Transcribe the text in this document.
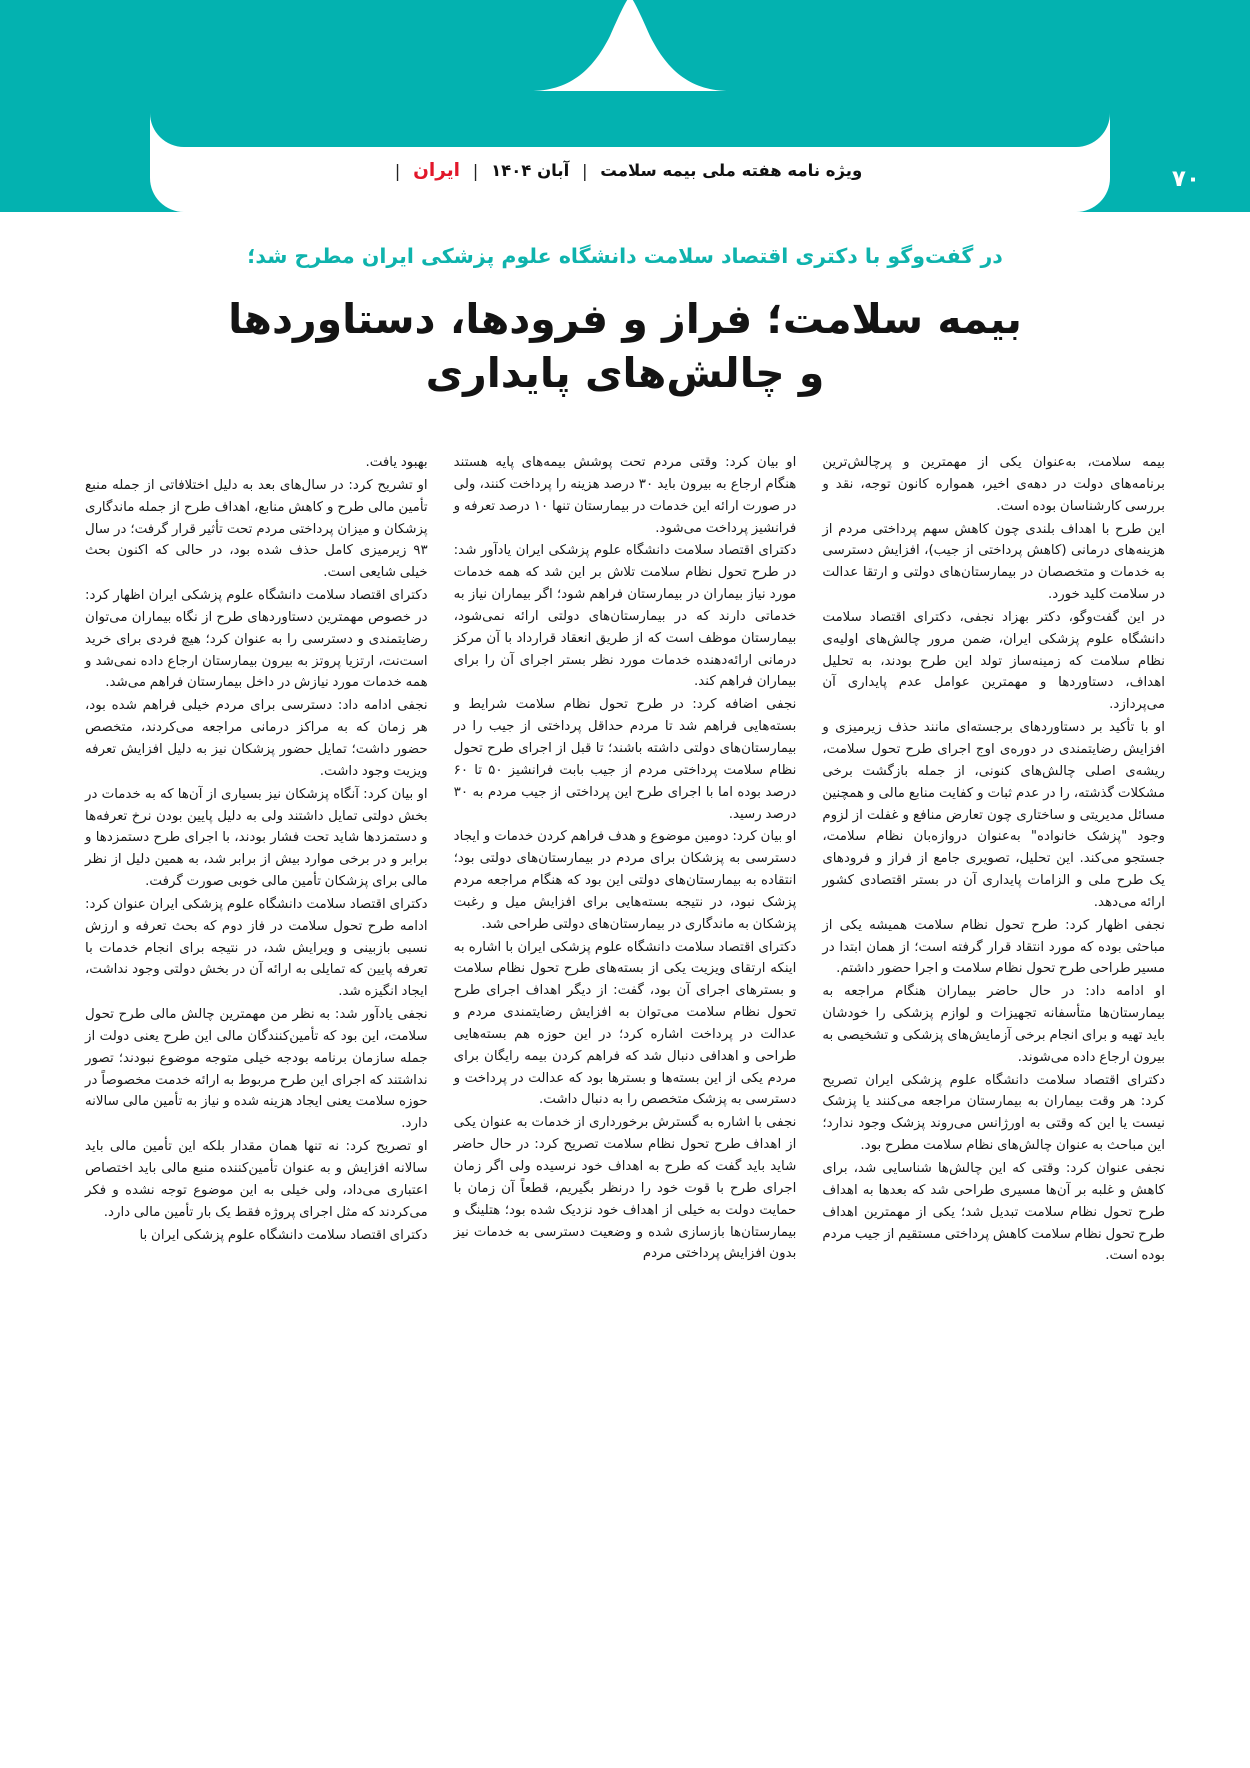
ویژه نامه هفته ملی بیمه سلامت | آبان ۱۴۰۴ | ایران |	۷۰
در گفت‌وگو با دکتری اقتصاد سلامت دانشگاه علوم پزشکی ایران مطرح شد؛
بیمه سلامت؛ فراز و فرودها، دستاوردها
و چالش‌های پایداری

بیمه سلامت، به‌عنوان یکی از مهمترین و پرچالش‌ترین برنامه‌های دولت در دهه‌ی اخیر، همواره کانون توجه، نقد و بررسی کارشناسان بوده است.

این طرح با اهداف بلندی چون کاهش سهم پرداختی مردم از هزینه‌های درمانی (کاهش پرداختی از جیب)، افزایش دسترسی به خدمات و متخصصان در بیمارستان‌های دولتی و ارتقا عدالت در سلامت کلید خورد.

در این گفت‌وگو، دکتر بهزاد نجفی، دکترای اقتصاد سلامت دانشگاه علوم پزشکی ایران، ضمن مرور چالش‌های اولیه‌ی نظام سلامت که زمینه‌ساز تولد این طرح بودند، به تحلیل اهداف، دستاوردها و مهمترین عوامل عدم پایداری آن می‌پردازد.

او با تأکید بر دستاوردهای برجسته‌ای مانند حذف زیرمیزی و افزایش رضایتمندی در دوره‌ی اوج اجرای طرح تحول سلامت، ریشه‌ی اصلی چالش‌های کنونی، از جمله بازگشت برخی مشکلات گذشته، را در عدم ثبات و کفایت منابع مالی و همچنین مسائل مدیریتی و ساختاری چون تعارض منافع و غفلت از لزوم وجود "پزشک خانواده" به‌عنوان دروازه‌بان نظام سلامت، جستجو می‌کند. این تحلیل، تصویری جامع از فراز و فرودهای یک طرح ملی و الزامات پایداری آن در بستر اقتصادی کشور ارائه می‌دهد.

نجفی اظهار کرد: طرح تحول نظام سلامت همیشه یکی از مباحثی بوده که مورد انتقاد قرار گرفته است؛ از همان ابتدا در مسیر طراحی طرح تحول نظام سلامت و اجرا حضور داشتم.

او ادامه داد: در حال حاضر بیماران هنگام مراجعه به بیمارستان‌ها متأسفانه تجهیزات و لوازم پزشکی را خودشان باید تهیه و برای انجام برخی آزمایش‌های پزشکی و تشخیصی به بیرون ارجاع داده می‌شوند.

دکترای اقتصاد سلامت دانشگاه علوم پزشکی ایران تصریح کرد: هر وقت بیماران به بیمارستان مراجعه می‌کنند یا پزشک نیست یا این که وقتی به اورژانس می‌روند پزشک وجود ندارد؛ این مباحث به عنوان چالش‌های نظام سلامت مطرح بود.

نجفی عنوان کرد: وقتی که این چالش‌ها شناسایی شد، برای کاهش و غلبه بر آن‌ها مسیری طراحی شد که بعدها به اهداف طرح تحول نظام سلامت تبدیل شد؛ یکی از مهمترین اهداف طرح تحول نظام سلامت کاهش پرداختی مستقیم از جیب مردم بوده است.

او بیان کرد: وقتی مردم تحت پوشش بیمه‌های پایه هستند هنگام ارجاع به بیرون باید ۳۰ درصد هزینه را پرداخت کنند، ولی در صورت ارائه این خدمات در بیمارستان تنها ۱۰ درصد تعرفه و فرانشیز پرداخت می‌شود.

دکترای اقتصاد سلامت دانشگاه علوم پزشکی ایران یادآور شد: در طرح تحول نظام سلامت تلاش بر این شد که همه خدمات مورد نیاز بیماران در بیمارستان فراهم شود؛ اگر بیماران نیاز به خدماتی دارند که در بیمارستان‌های دولتی ارائه نمی‌شود، بیمارستان موظف است که از طریق انعقاد قرارداد با آن مرکز درمانی ارائه‌دهنده خدمات مورد نظر بستر اجرای آن را برای بیماران فراهم کند.

نجفی اضافه کرد: در طرح تحول نظام سلامت شرایط و بسته‌هایی فراهم شد تا مردم حداقل پرداختی از جیب را در بیمارستان‌های دولتی داشته باشند؛ تا قبل از اجرای طرح تحول نظام سلامت پرداختی مردم از جیب بابت فرانشیز ۵۰ تا ۶۰ درصد بوده اما با اجرای طرح این پرداختی از جیب مردم به ۳۰ درصد رسید.

او بیان کرد: دومین موضوع و هدف فراهم کردن خدمات و ایجاد دسترسی به پزشکان برای مردم در بیمارستان‌های دولتی بود؛ انتقاده به بیمارستان‌های دولتی این بود که هنگام مراجعه مردم پزشک نبود، در نتیجه بسته‌هایی برای افزایش میل و رغبت پزشکان به ماندگاری در بیمارستان‌های دولتی طراحی شد.

دکترای اقتصاد سلامت دانشگاه علوم پزشکی ایران با اشاره به اینکه ارتقای ویزیت یکی از بسته‌های طرح تحول نظام سلامت و بسترهای اجرای آن بود، گفت: از دیگر اهداف اجرای طرح تحول نظام سلامت می‌توان به افزایش رضایتمندی مردم و عدالت در پرداخت اشاره کرد؛ در این حوزه هم بسته‌هایی طراحی و اهدافی دنبال شد که فراهم کردن بیمه رایگان برای مردم یکی از این بسته‌ها و بسترها بود که عدالت در پرداخت و دسترسی به پزشک متخصص را به دنبال داشت.

نجفی با اشاره به گسترش برخورداری از خدمات به عنوان یکی از اهداف طرح تحول نظام سلامت تصریح کرد: در حال حاضر شاید باید گفت که طرح به اهداف خود نرسیده ولی اگر زمان اجرای طرح با قوت خود را درنظر بگیریم، قطعاً آن زمان با حمایت دولت به خیلی از اهداف خود نزدیک شده بود؛ هتلینگ و بیمارستان‌ها بازسازی شده و وضعیت دسترسی به خدمات نیز بدون افزایش پرداختی مردم

بهبود یافت.

او تشریح کرد: در سال‌های بعد به دلیل اختلافاتی از جمله منبع تأمین مالی طرح و کاهش منابع، اهداف طرح از جمله ماندگاری پزشکان و میزان پرداختی مردم تحت تأثیر قرار گرفت؛ در سال ۹۳ زیرمیزی کامل حذف شده بود، در حالی که اکنون بحث خیلی شایعی است.

دکترای اقتصاد سلامت دانشگاه علوم پزشکی ایران اظهار کرد: در خصوص مهمترین دستاوردهای طرح از نگاه بیماران می‌توان رضایتمندی و دسترسی را به عنوان کرد؛ هیچ فردی برای خرید است‌نت، ارتزیا پروتز به بیرون بیمارستان ارجاع داده نمی‌شد و همه خدمات مورد نیازش در داخل بیمارستان فراهم می‌شد.

نجفی ادامه داد: دسترسی برای مردم خیلی فراهم شده بود، هر زمان که به مراکز درمانی مراجعه می‌کردند، متخصص حضور داشت؛ تمایل حضور پزشکان نیز به دلیل افزایش تعرفه ویزیت وجود داشت.

او بیان کرد: آنگاه پزشکان نیز بسیاری از آن‌ها که به خدمات در بخش دولتی تمایل داشتند ولی به دلیل پایین بودن نرخ تعرفه‌ها و دستمزدها شاید تحت فشار بودند، با اجرای طرح دستمزدها و برابر و در برخی موارد بیش از برابر شد، به همین دلیل از نظر مالی برای پزشکان تأمین مالی خوبی صورت گرفت.

دکترای اقتصاد سلامت دانشگاه علوم پزشکی ایران عنوان کرد: ادامه طرح تحول سلامت در فاز دوم که بحث تعرفه و ارزش نسبی بازبینی و ویرایش شد، در نتیجه برای انجام خدمات با تعرفه پایین که تمایلی به ارائه آن در بخش دولتی وجود نداشت، ایجاد انگیزه شد.

نجفی یادآور شد: به نظر من مهمترین چالش مالی طرح تحول سلامت، این بود که تأمین‌کنندگان مالی این طرح یعنی دولت از جمله سازمان برنامه بودجه خیلی متوجه موضوع نبودند؛ تصور نداشتند که اجرای این طرح مربوط به ارائه خدمت مخصوصاً در حوزه سلامت یعنی ایجاد هزینه شده و نیاز به تأمین مالی سالانه دارد.

او تصریح کرد: نه تنها همان مقدار بلکه این تأمین مالی باید سالانه افزایش و به عنوان تأمین‌کننده منبع مالی باید اختصاص اعتباری می‌داد، ولی خیلی به این موضوع توجه نشده و فکر می‌کردند که مثل اجرای پروژه فقط یک بار تأمین مالی دارد.

دکترای اقتصاد سلامت دانشگاه علوم پزشکی ایران با
